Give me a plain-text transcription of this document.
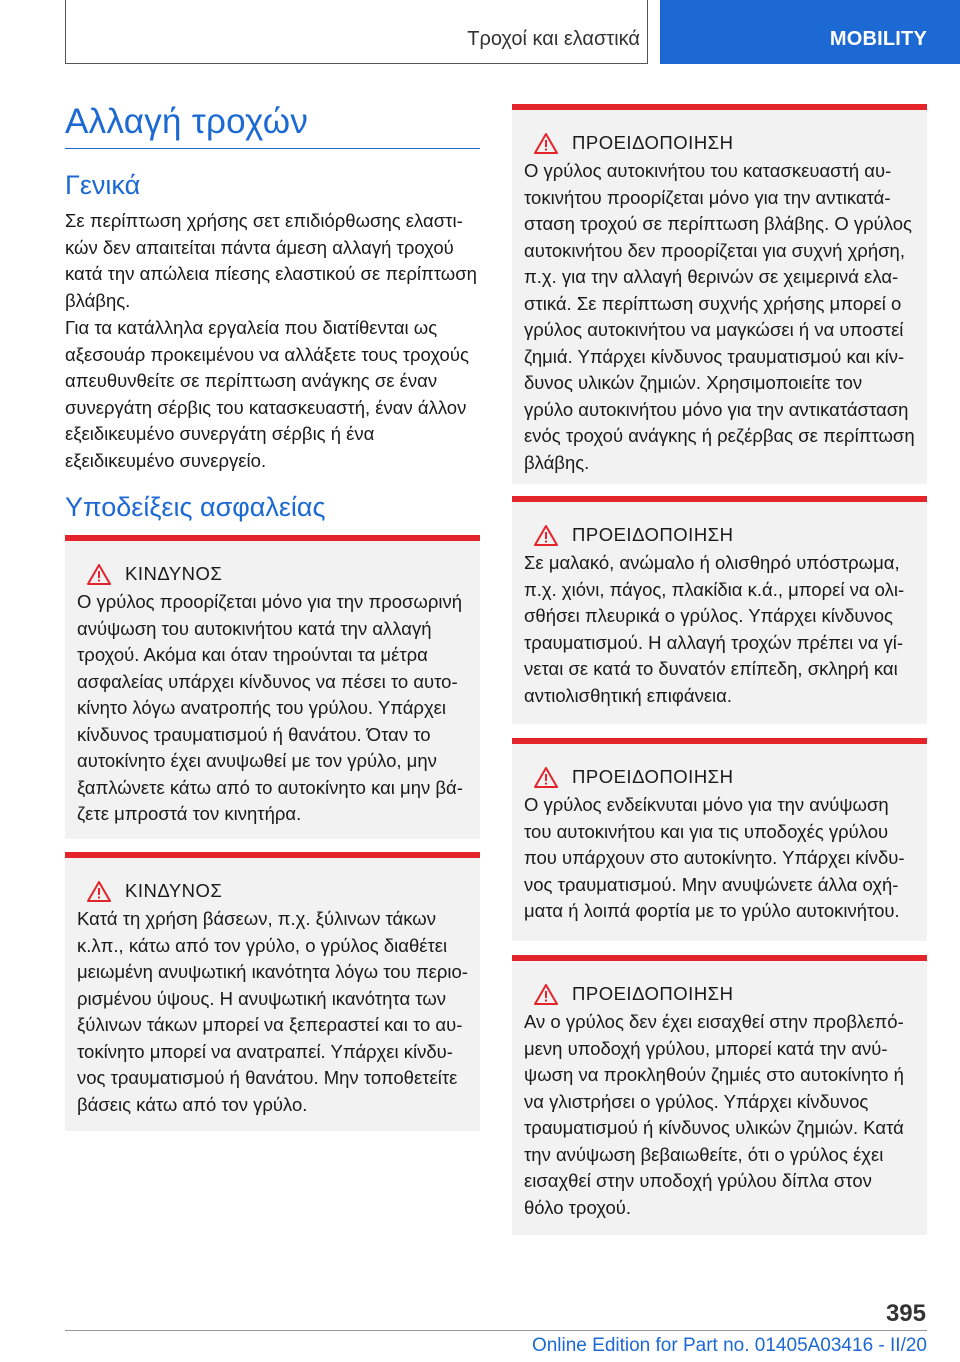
Τροχοί και ελαστικά	MOBILITY
Αλλαγή τροχών
Γενικά

Σε περίπτωση χρήσης σετ επιδιόρθωσης ελαστικών δεν απαιτείται πάντα άμεση αλλαγή τροχού κατά την απώλεια πίεσης ελαστικού σε περίπτωση βλάβης.

Για τα κατάλληλα εργαλεία που διατίθενται ως αξεσουάρ προκειμένου να αλλάξετε τους τροχούς απευθυνθείτε σε περίπτωση ανάγκης σε έναν συνεργάτη σέρβις του κατασκευαστή, έναν άλλον εξειδικευμένο συνεργάτη σέρβις ή ένα εξειδικευμένο συνεργείο.

Υποδείξεις ασφαλείας
ΚΙΝΔΥΝΟΣ

Ο γρύλος προορίζεται μόνο για την προσωρινή ανύψωση του αυτοκινήτου κατά την αλλαγή τροχού. Ακόμα και όταν τηρούνται τα μέτρα ασφαλείας υπάρχει κίνδυνος να πέσει το αυτοκίνητο λόγω ανατροπής του γρύλου. Υπάρχει κίνδυνος τραυματισμού ή θανάτου. Όταν το αυτοκίνητο έχει ανυψωθεί με τον γρύλο, μην ξαπλώνετε κάτω από το αυτοκίνητο και μην βάζετε μπροστά τον κινητήρα.

ΚΙΝΔΥΝΟΣ

Κατά τη χρήση βάσεων, π.χ. ξύλινων τάκων κ.λπ., κάτω από τον γρύλο, ο γρύλος διαθέτει μειωμένη ανυψωτική ικανότητα λόγω του περιορισμένου ύψους. Η ανυψωτική ικανότητα των ξύλινων τάκων μπορεί να ξεπεραστεί και το αυτοκίνητο μπορεί να ανατραπεί. Υπάρχει κίνδυνος τραυματισμού ή θανάτου. Μην τοποθετείτε βάσεις κάτω από τον γρύλο.

ΠΡΟΕΙΔΟΠΟΙΗΣΗ

Ο γρύλος αυτοκινήτου του κατασκευαστή αυτοκινήτου προορίζεται μόνο για την αντικατάσταση τροχού σε περίπτωση βλάβης. Ο γρύλος αυτοκινήτου δεν προορίζεται για συχνή χρήση, π.χ. για την αλλαγή θερινών σε χειμερινά ελαστικά. Σε περίπτωση συχνής χρήσης μπορεί ο γρύλος αυτοκινήτου να μαγκώσει ή να υποστεί ζημιά. Υπάρχει κίνδυνος τραυματισμού και κίνδυνος υλικών ζημιών. Χρησιμοποιείτε τον γρύλο αυτοκινήτου μόνο για την αντικατάσταση ενός τροχού ανάγκης ή ρεζέρβας σε περίπτωση βλάβης.

ΠΡΟΕΙΔΟΠΟΙΗΣΗ

Σε μαλακό, ανώμαλο ή ολισθηρό υπόστρωμα, π.χ. χιόνι, πάγος, πλακίδια κ.ά., μπορεί να ολισθήσει πλευρικά ο γρύλος. Υπάρχει κίνδυνος τραυματισμού. Η αλλαγή τροχών πρέπει να γίνεται σε κατά το δυνατόν επίπεδη, σκληρή και αντιολισθητική επιφάνεια.

ΠΡΟΕΙΔΟΠΟΙΗΣΗ

Ο γρύλος ενδείκνυται μόνο για την ανύψωση του αυτοκινήτου και για τις υποδοχές γρύλου που υπάρχουν στο αυτοκίνητο. Υπάρχει κίνδυνος τραυματισμού. Μην ανυψώνετε άλλα οχήματα ή λοιπά φορτία με το γρύλο αυτοκινήτου.

ΠΡΟΕΙΔΟΠΟΙΗΣΗ

Αν ο γρύλος δεν έχει εισαχθεί στην προβλεπόμενη υποδοχή γρύλου, μπορεί κατά την ανύψωση να προκληθούν ζημιές στο αυτοκίνητο ή να γλιστρήσει ο γρύλος. Υπάρχει κίνδυνος τραυματισμού ή κίνδυνος υλικών ζημιών. Κατά την ανύψωση βεβαιωθείτε, ότι ο γρύλος έχει εισαχθεί στην υποδοχή γρύλου δίπλα στον θόλο τροχού.

395
Online Edition for Part no. 01405A03416 - II/20
